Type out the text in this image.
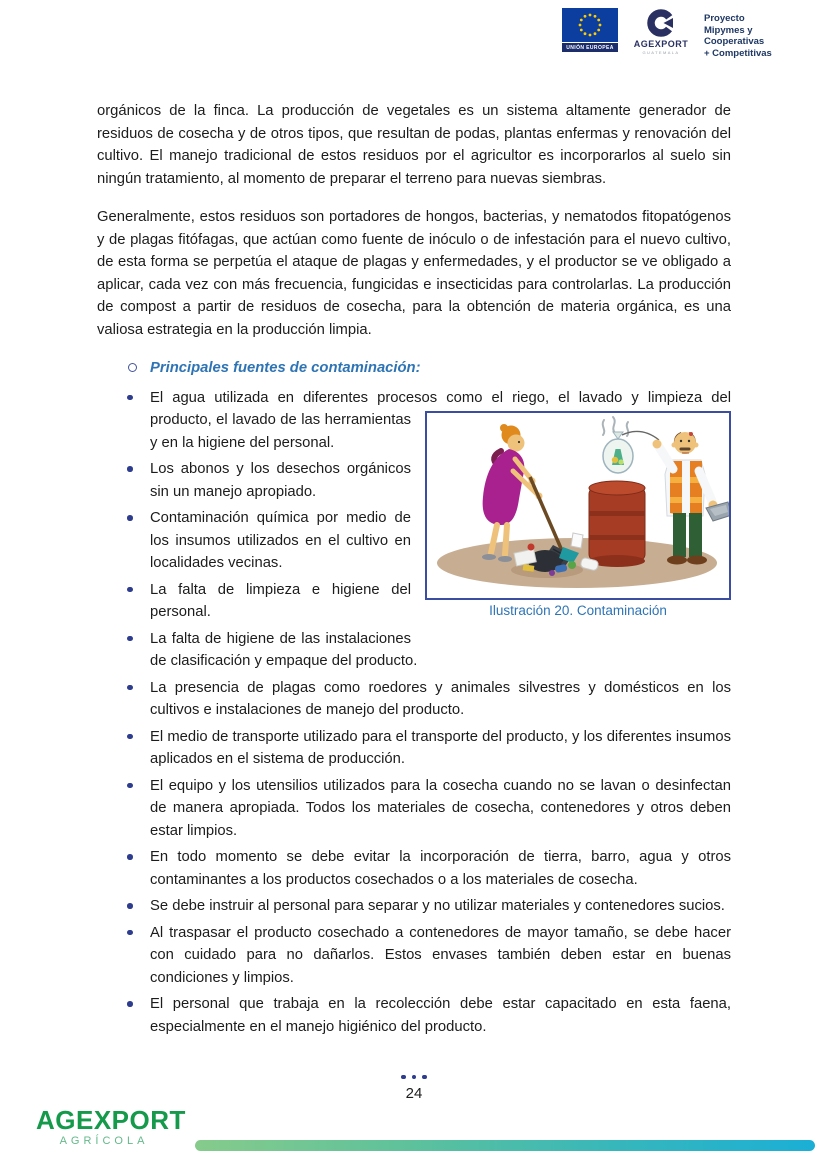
UNIÓN EUROPEA	AGEXPORT
GUATEMALA
Proyecto
Mipymes y Cooperativas
+ Competitivas

orgánicos de la finca. La producción de vegetales es un sistema altamente generador de residuos de cosecha y de otros tipos, que resultan de podas, plantas enfermas y renovación del cultivo. El manejo tradicional de estos residuos por el agricultor es incorporarlos al suelo sin ningún tratamiento, al momento de preparar el terreno para nuevas siembras.

Generalmente, estos residuos son portadores de hongos, bacterias, y nematodos fitopatógenos y de plagas fitófagas, que actúan como fuente de inóculo o de infestación para el nuevo cultivo, de esta forma se perpetúa el ataque de plagas y enfermedades, y el productor se ve obligado a aplicar, cada vez con más frecuencia, fungicidas e insecticidas para controlarlas. La producción de compost a partir de residuos de cosecha, para la obtención de materia orgánica, es una valiosa estrategia en la producción limpia.

Principales fuentes de contaminación:
El agua utilizada en diferentes procesos como el riego, el lavado y limpieza del
Ilustración 20. Contaminación
producto, el lavado de las herramientas y en la higiene del personal.
Los abonos y los desechos orgánicos sin un manejo apropiado.
Contaminación química por medio de los insumos utilizados en el cultivo en localidades vecinas.
La falta de limpieza e higiene del personal.
La falta de higiene de las instalaciones de clasificación y empaque del producto.
La presencia de plagas como roedores y animales silvestres y domésticos en los cultivos e instalaciones de manejo del producto.
El medio de transporte utilizado para el transporte del producto, y los diferentes insumos aplicados en el sistema de producción.
El equipo y los utensilios utilizados para la cosecha cuando no se lavan o desinfectan de manera apropiada. Todos los materiales de cosecha, contenedores y otros deben estar limpios.
En todo momento se debe evitar la incorporación de tierra, barro, agua y otros contaminantes a los productos cosechados o a los materiales de cosecha.
Se debe instruir al personal para separar y no utilizar materiales y contenedores sucios.
Al traspasar el producto cosechado a contenedores de mayor tamaño, se debe hacer con cuidado para no dañarlos. Estos envases también deben estar en buenas condiciones y limpios.
El personal que trabaja en la recolección debe estar capacitado en esta faena, especialmente en el manejo higiénico del producto.
24
AGEXPORT
AGRÍCOLA
